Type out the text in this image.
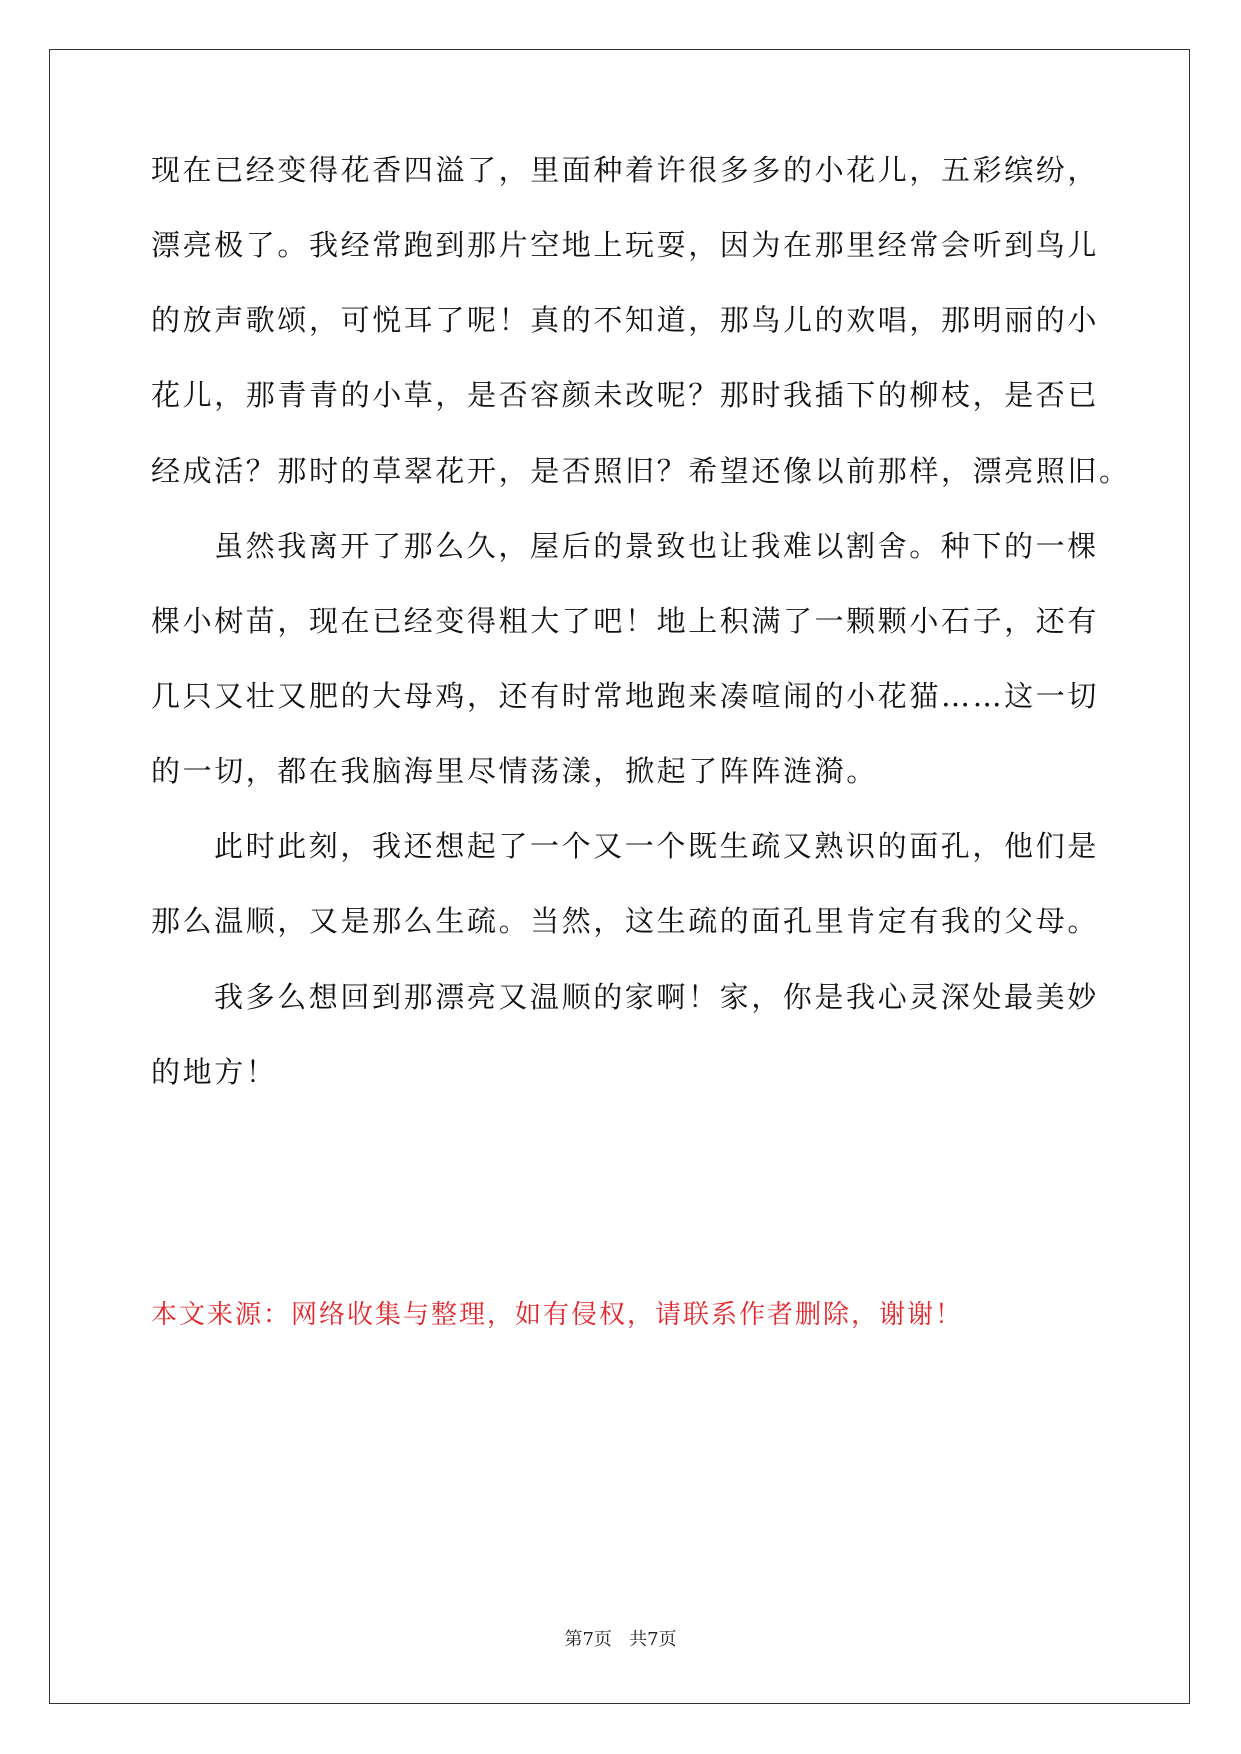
现在已经变得花香四溢了，里面种着许很多多的小花儿，五彩缤纷，
漂亮极了。我经常跑到那片空地上玩耍，因为在那里经常会听到鸟儿
的放声歌颂，可悦耳了呢！真的不知道，那鸟儿的欢唱，那明丽的小
花儿，那青青的小草，是否容颜未改呢？那时我插下的柳枝，是否已
经成活？那时的草翠花开，是否照旧？希望还像以前那样，漂亮照旧。
虽然我离开了那么久，屋后的景致也让我难以割舍。种下的一棵
棵小树苗，现在已经变得粗大了吧！地上积满了一颗颗小石子，还有
几只又壮又肥的大母鸡，还有时常地跑来凑喧闹的小花猫……这一切
的一切，都在我脑海里尽情荡漾，掀起了阵阵涟漪。
此时此刻，我还想起了一个又一个既生疏又熟识的面孔，他们是
那么温顺，又是那么生疏。当然，这生疏的面孔里肯定有我的父母。
我多么想回到那漂亮又温顺的家啊！家，你是我心灵深处最美妙
的地方！
本文来源：网络收集与整理，如有侵权，请联系作者删除，谢谢！
第7页 共7页
